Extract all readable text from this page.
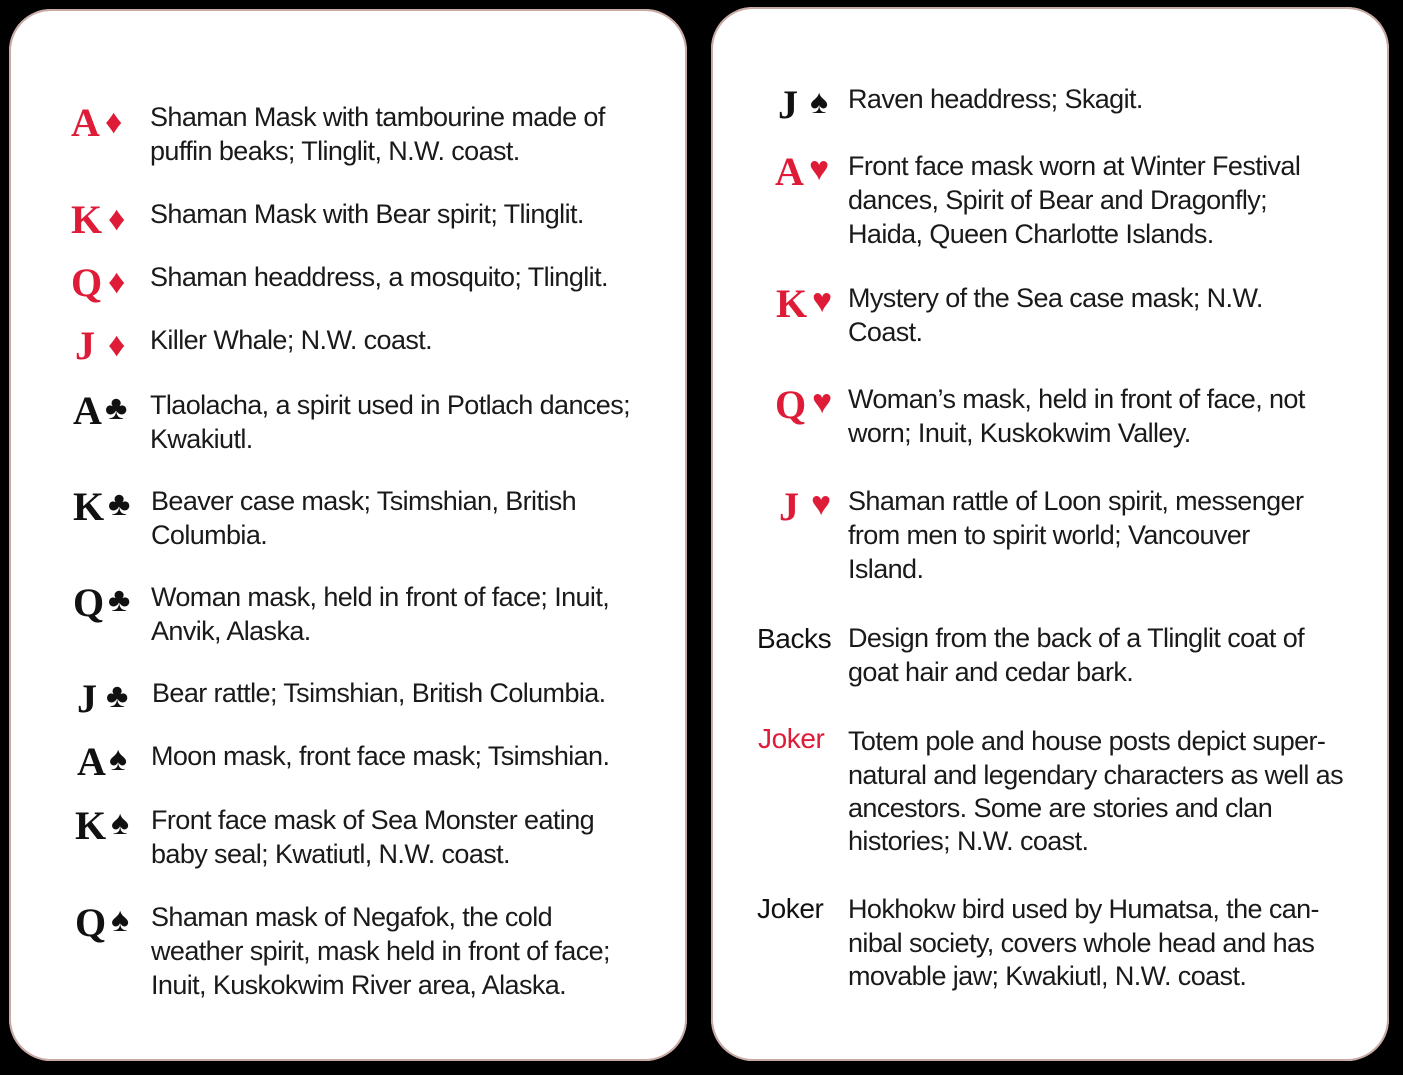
A ♦ Shaman Mask with tambourine made of
puffin beaks; Tlinglit, N.W. coast.
K ♦ Shaman Mask with Bear spirit; Tlinglit.
Q ♦ Shaman headdress, a mosquito; Tlinglit.
J ♦ Killer Whale; N.W. coast.
A ♣ Tlaolacha, a spirit used in Potlach dances;
Kwakiutl.
K ♣ Beaver case mask; Tsimshian, British
Columbia.
Q ♣ Woman mask, held in front of face; Inuit,
Anvik, Alaska.
J ♣ Bear rattle; Tsimshian, British Columbia.
A ♠ Moon mask, front face mask; Tsimshian.
K ♠ Front face mask of Sea Monster eating
baby seal; Kwatiutl, N.W. coast.
Q ♠ Shaman mask of Negafok, the cold
weather spirit, mask held in front of face;
Inuit, Kuskokwim River area, Alaska.
J ♠ Raven headdress; Skagit.
A ♥ Front face mask worn at Winter Festival
dances, Spirit of Bear and Dragonfly;
Haida, Queen Charlotte Islands.
K ♥ Mystery of the Sea case mask; N.W.
Coast.
Q ♥ Woman’s mask, held in front of face, not
worn; Inuit, Kuskokwim Valley.
J ♥ Shaman rattle of Loon spirit, messenger
from men to spirit world; Vancouver
Island.
Backs Design from the back of a Tlinglit coat of
goat hair and cedar bark.
Joker Totem pole and house posts depict super-
natural and legendary characters as well as
ancestors. Some are stories and clan
histories; N.W. coast.
Joker Hokhokw bird used by Humatsa, the can-
nibal society, covers whole head and has
movable jaw; Kwakiutl, N.W. coast.
